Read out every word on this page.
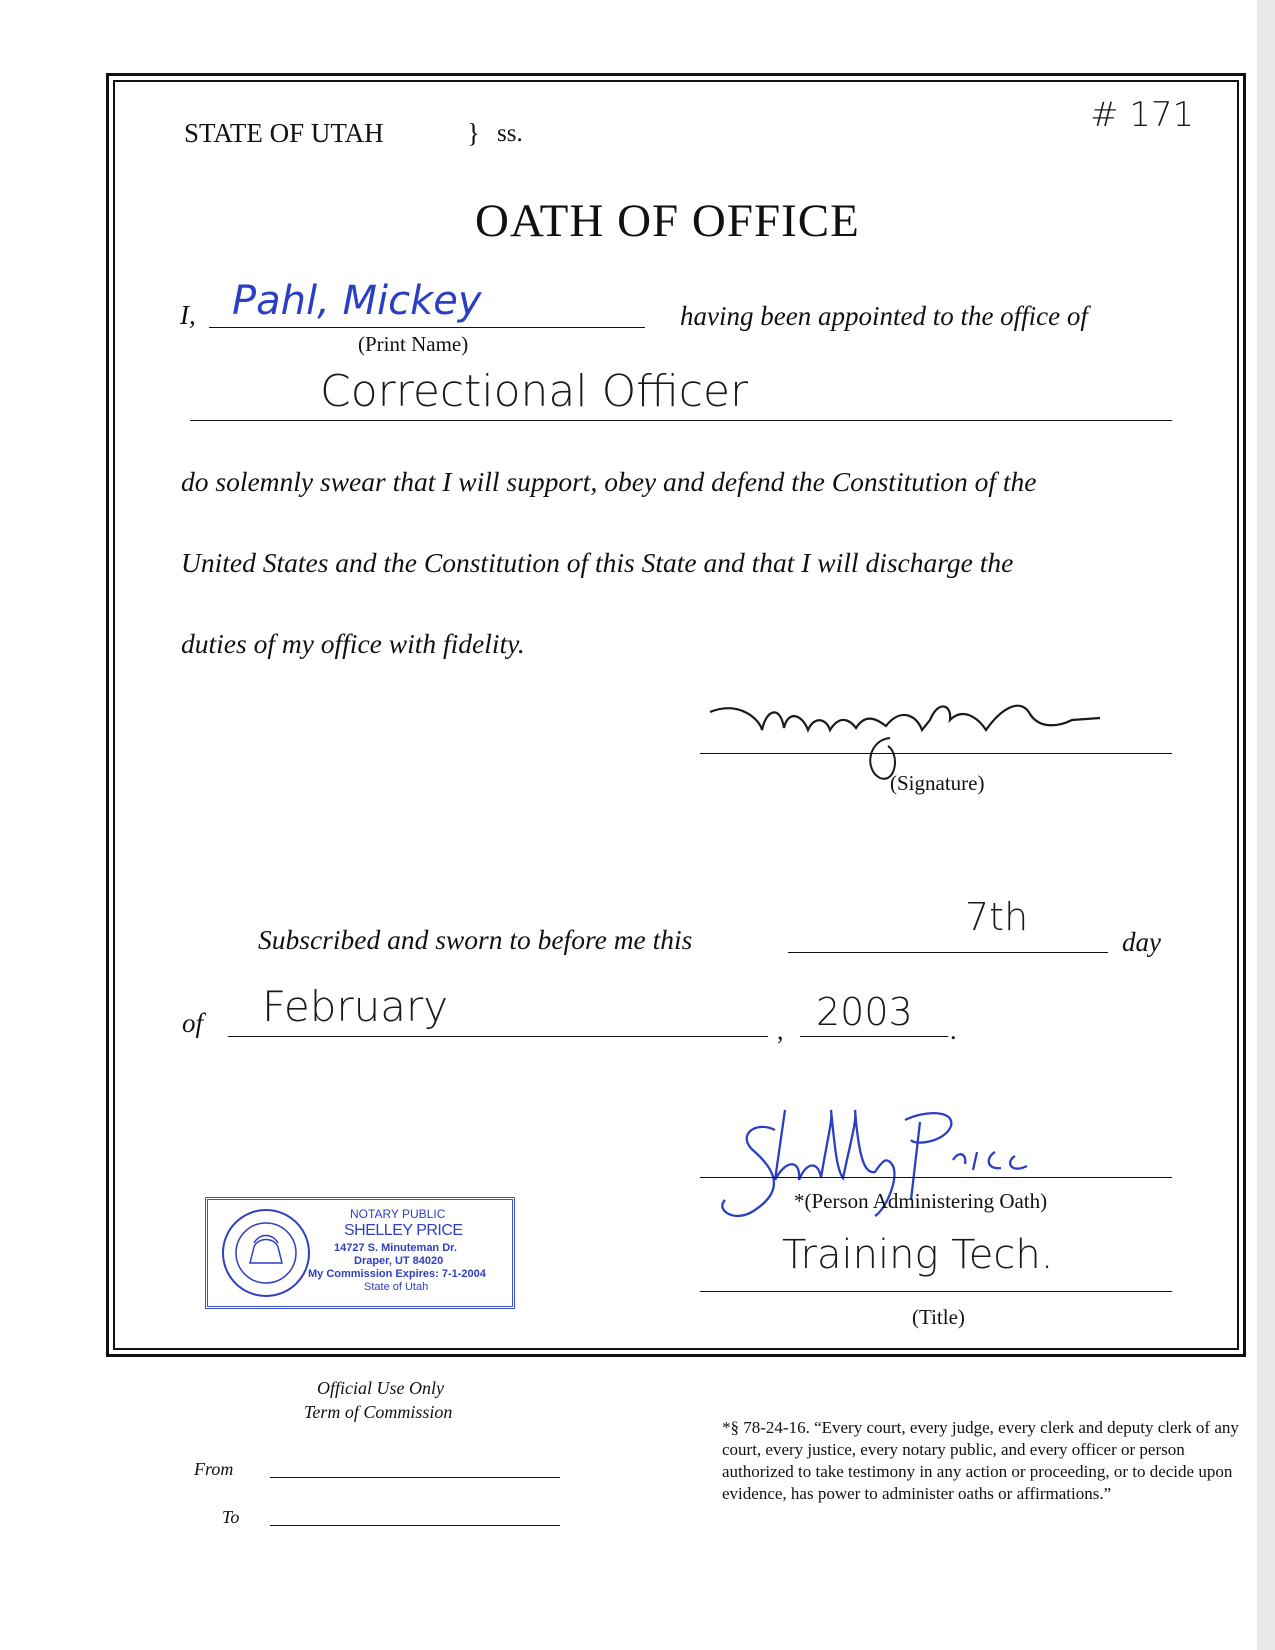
# 171
STATE OF UTAH	} ss.
OATH OF OFFICE
I, Pahl, Mickey
(Print Name)
having been appointed to the office of
Correctional Officer
do solemnly swear that I will support, obey and defend the Constitution of the
United States and the Constitution of this State and that I will discharge the
duties of my office with fidelity.
(Signature)
Subscribed and sworn to before me this
7th
day
of February	, 2003 .
*(Person Administering Oath)
Training Tech.
(Title)
NOTARY PUBLIC
SHELLEY PRICE
14727 S. Minuteman Dr.
Draper, UT 84020
My Commission Expires: 7-1-2004
State of Utah
Official Use Only
Term of Commission
From
To
*§ 78-24-16. “Every court, every judge, every clerk and deputy clerk of any court, every justice, every notary public, and every officer or person authorized to take testimony in any action or proceeding, or to decide upon evidence, has power to administer oaths or affirmations.”
